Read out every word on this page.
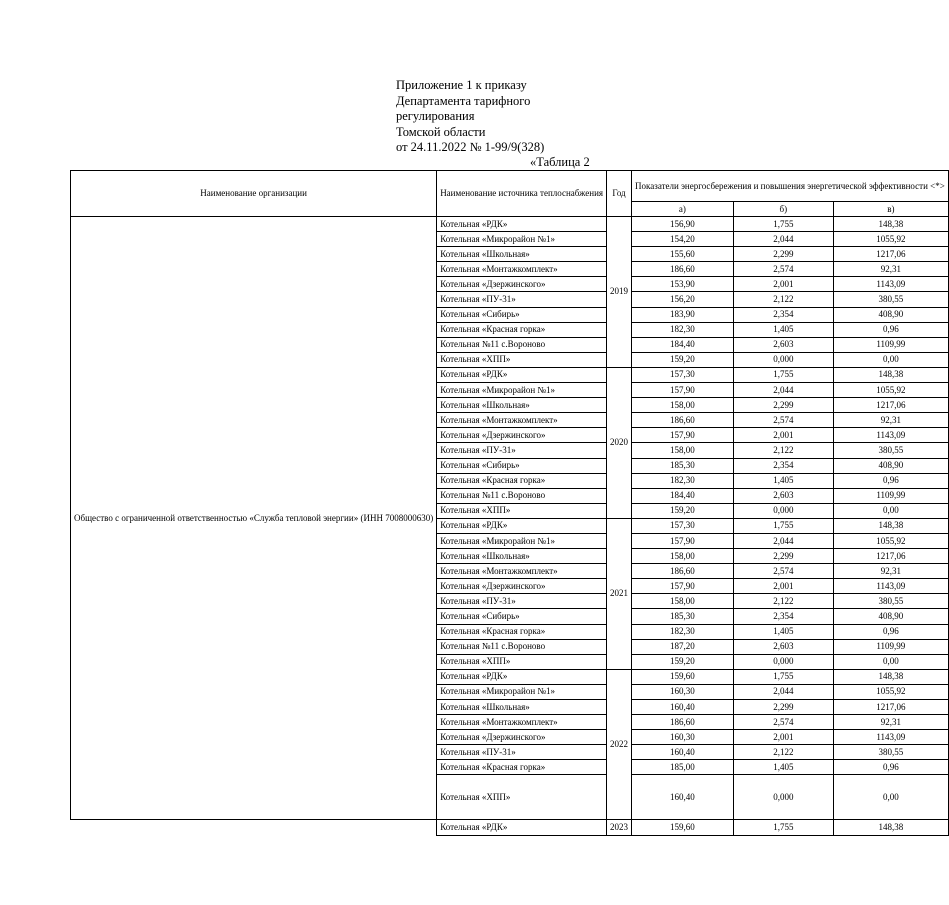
Приложение 1 к приказу
Департамента тарифного
регулирования
Томской области
от 24.11.2022 № 1-99/9(328)
«Таблица 2
Наименование организации	Наименование источника теплоснабжения	Год	Показатели энергосбережения и повышения энергетической эффективности <*>		
			а)	б)	в)
Общество с ограниченной ответственностью «Служба тепловой энергии» (ИНН 7008000630)	Котельная «РДК»	2019	156,90	1,755	148,38
	Котельная «Микрорайон №1»		154,20	2,044	1055,92
	Котельная «Школьная»		155,60	2,299	1217,06
	Котельная «Монтажкомплект»		186,60	2,574	92,31
	Котельная «Дзержинского»		153,90	2,001	1143,09
	Котельная «ПУ-31»		156,20	2,122	380,55
	Котельная «Сибирь»		183,90	2,354	408,90
	Котельная «Красная горка»		182,30	1,405	0,96
	Котельная №11 с.Вороново		184,40	2,603	1109,99
	Котельная «ХПП»		159,20	0,000	0,00
	Котельная «РДК»	2020	157,30	1,755	148,38
	Котельная «Микрорайон №1»		157,90	2,044	1055,92
	Котельная «Школьная»		158,00	2,299	1217,06
	Котельная «Монтажкомплект»		186,60	2,574	92,31
	Котельная «Дзержинского»		157,90	2,001	1143,09
	Котельная «ПУ-31»		158,00	2,122	380,55
	Котельная «Сибирь»		185,30	2,354	408,90
	Котельная «Красная горка»		182,30	1,405	0,96
	Котельная №11 с.Вороново		184,40	2,603	1109,99
	Котельная «ХПП»		159,20	0,000	0,00
	Котельная «РДК»	2021	157,30	1,755	148,38
	Котельная «Микрорайон №1»		157,90	2,044	1055,92
	Котельная «Школьная»		158,00	2,299	1217,06
	Котельная «Монтажкомплект»		186,60	2,574	92,31
	Котельная «Дзержинского»		157,90	2,001	1143,09
	Котельная «ПУ-31»		158,00	2,122	380,55
	Котельная «Сибирь»		185,30	2,354	408,90
	Котельная «Красная горка»		182,30	1,405	0,96
	Котельная №11 с.Вороново		187,20	2,603	1109,99
	Котельная «ХПП»		159,20	0,000	0,00
	Котельная «РДК»	2022	159,60	1,755	148,38
	Котельная «Микрорайон №1»		160,30	2,044	1055,92
	Котельная «Школьная»		160,40	2,299	1217,06
	Котельная «Монтажкомплект»		186,60	2,574	92,31
	Котельная «Дзержинского»		160,30	2,001	1143,09
	Котельная «ПУ-31»		160,40	2,122	380,55
	Котельная «Красная горка»		185,00	1,405	0,96
	Котельная «ХПП»		160,40	0,000	0,00
	Котельная «РДК»	2023	159,60	1,755	148,38
